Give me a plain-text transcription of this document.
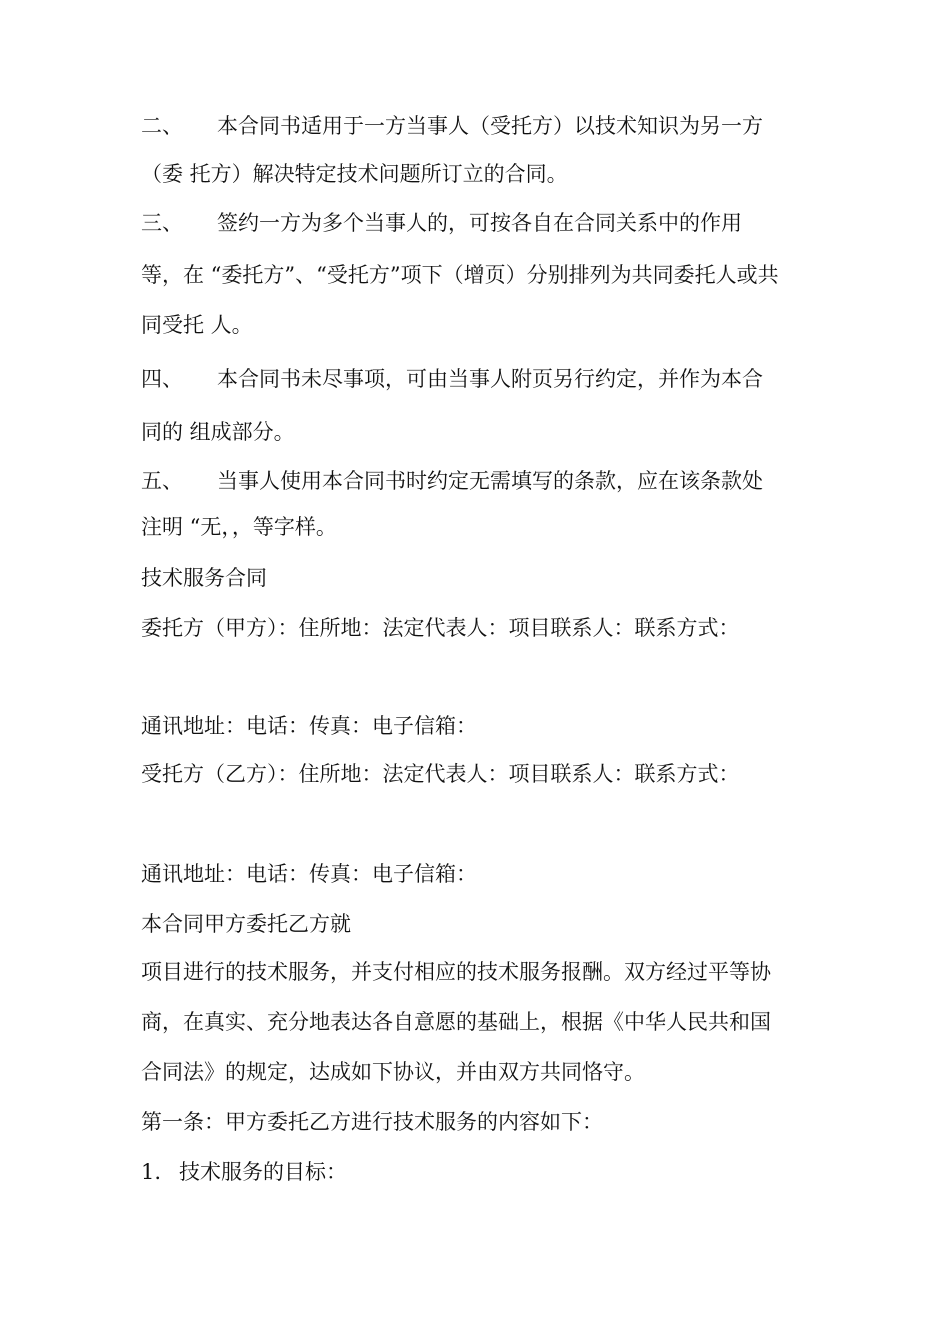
二、 本合同书适用于一方当事人（受托方）以技术知识为另一方
（委 托方）解决特定技术问题所订立的合同。
三、 签约一方为多个当事人的，可按各自在合同关系中的作用
等，在 “委托方”、“受托方”项下（增页）分别排列为共同委托人或共
同受托 人。
四、 本合同书未尽事项，可由当事人附页另行约定，并作为本合
同的 组成部分。
五、 当事人使用本合同书时约定无需填写的条款，应在该条款处
注明 “无，，等字样。
技术服务合同
委托方（甲方）：住所地：法定代表人：项目联系人：联系方式：
通讯地址：电话：传真：电子信箱：
受托方（乙方）：住所地：法定代表人：项目联系人：联系方式：
通讯地址：电话：传真：电子信箱：
本合同甲方委托乙方就
项目进行的技术服务，并支付相应的技术服务报酬。双方经过平等协
商，在真实、充分地表达各自意愿的基础上，根据《中华人民共和国
合同法》的规定，达成如下协议，并由双方共同恪守。
第一条：甲方委托乙方进行技术服务的内容如下：
1. 技术服务的目标：
